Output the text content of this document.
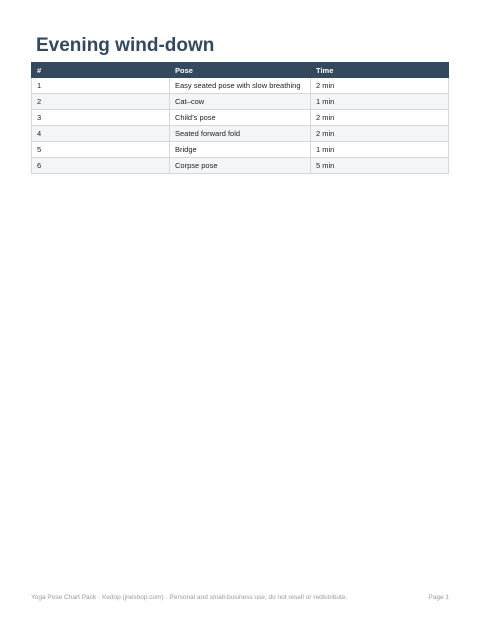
Evening wind-down
#	Pose	Time
1	Easy seated pose with slow breathing	2 min
2	Cat–cow	1 min
3	Child’s pose	2 min
4	Seated forward fold	2 min
5	Bridge	1 min
6	Corpse pose	5 min
Yoga Pose Chart Pack · Kedop (jneshop.com) · Personal and small-business use; do not resell or redistribute.	Page 1
